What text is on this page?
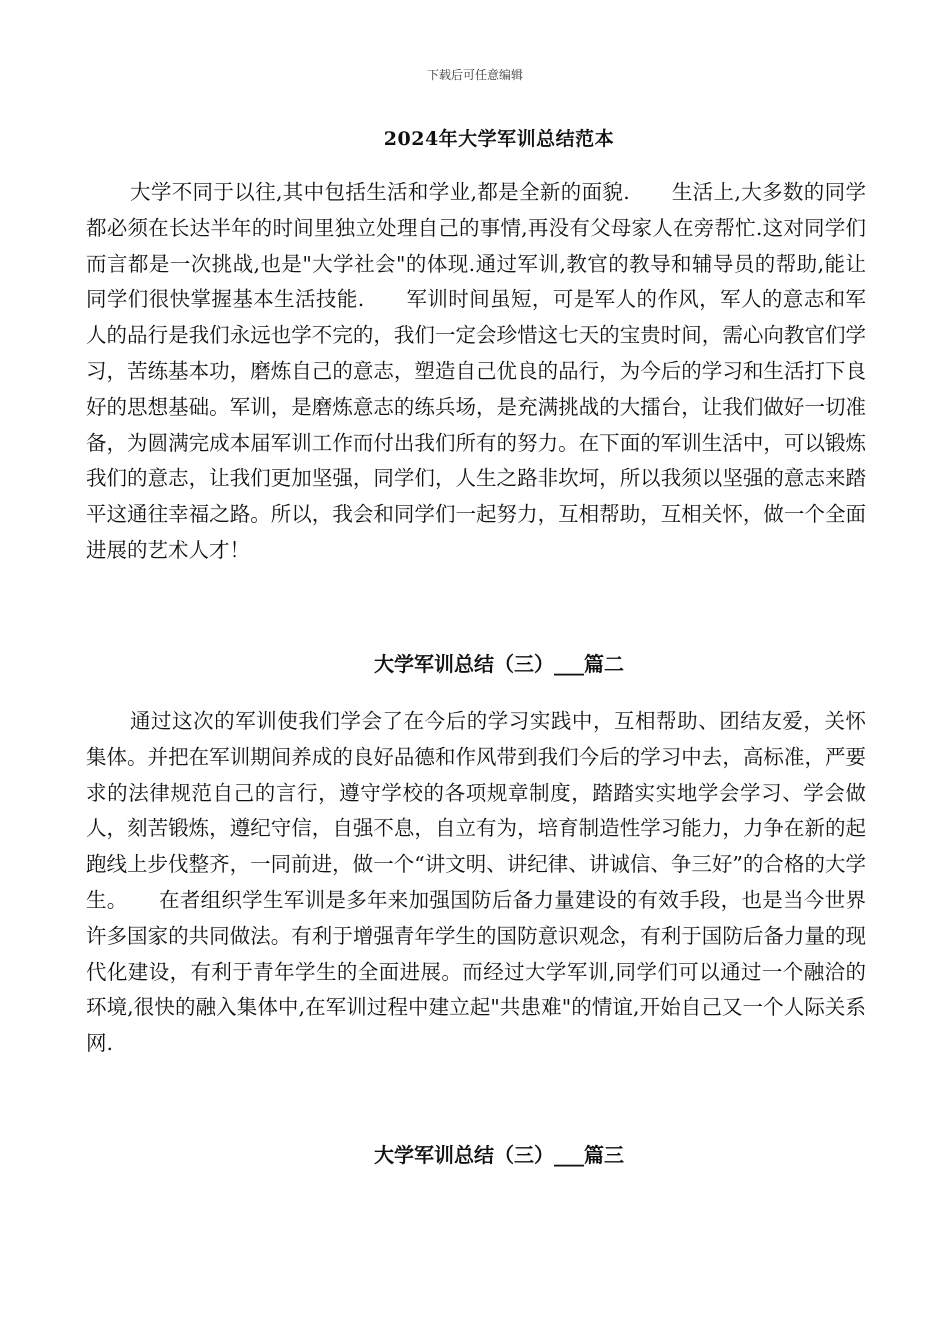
下载后可任意编辑
2024年大学军训总结范本

大学不同于以往,其中包括生活和学业,都是全新的面貌.　　生活上,大多数的同学都必须在长达半年的时间里独立处理自己的事情,再没有父母家人在旁帮忙.这对同学们而言都是一次挑战,也是"大学社会"的体现.通过军训,教官的教导和辅导员的帮助,能让同学们很快掌握基本生活技能.　　军训时间虽短，可是军人的作风，军人的意志和军人的品行是我们永远也学不完的，我们一定会珍惜这七天的宝贵时间，需心向教官们学习，苦练基本功，磨炼自己的意志，塑造自己优良的品行，为今后的学习和生活打下良好的思想基础。军训，是磨炼意志的练兵场，是充满挑战的大擂台，让我们做好一切准备，为圆满完成本届军训工作而付出我们所有的努力。在下面的军训生活中，可以锻炼我们的意志，让我们更加坚强，同学们，人生之路非坎坷，所以我须以坚强的意志来踏平这通往幸福之路。所以，我会和同学们一起努力，互相帮助，互相关怀，做一个全面进展的艺术人才！

大学军训总结（三）___篇二

通过这次的军训使我们学会了在今后的学习实践中，互相帮助、团结友爱，关怀集体。并把在军训期间养成的良好品德和作风带到我们今后的学习中去，高标准，严要求的法律规范自己的言行，遵守学校的各项规章制度，踏踏实实地学会学习、学会做人，刻苦锻炼，遵纪守信，自强不息，自立有为，培育制造性学习能力，力争在新的起跑线上步伐整齐，一同前进，做一个“讲文明、讲纪律、讲诚信、争三好”的合格的大学生。　　在者组织学生军训是多年来加强国防后备力量建设的有效手段，也是当今世界许多国家的共同做法。有利于增强青年学生的国防意识观念，有利于国防后备力量的现代化建设，有利于青年学生的全面进展。而经过大学军训,同学们可以通过一个融洽的环境,很快的融入集体中,在军训过程中建立起"共患难"的情谊,开始自己又一个人际关系网.

大学军训总结（三）___篇三
